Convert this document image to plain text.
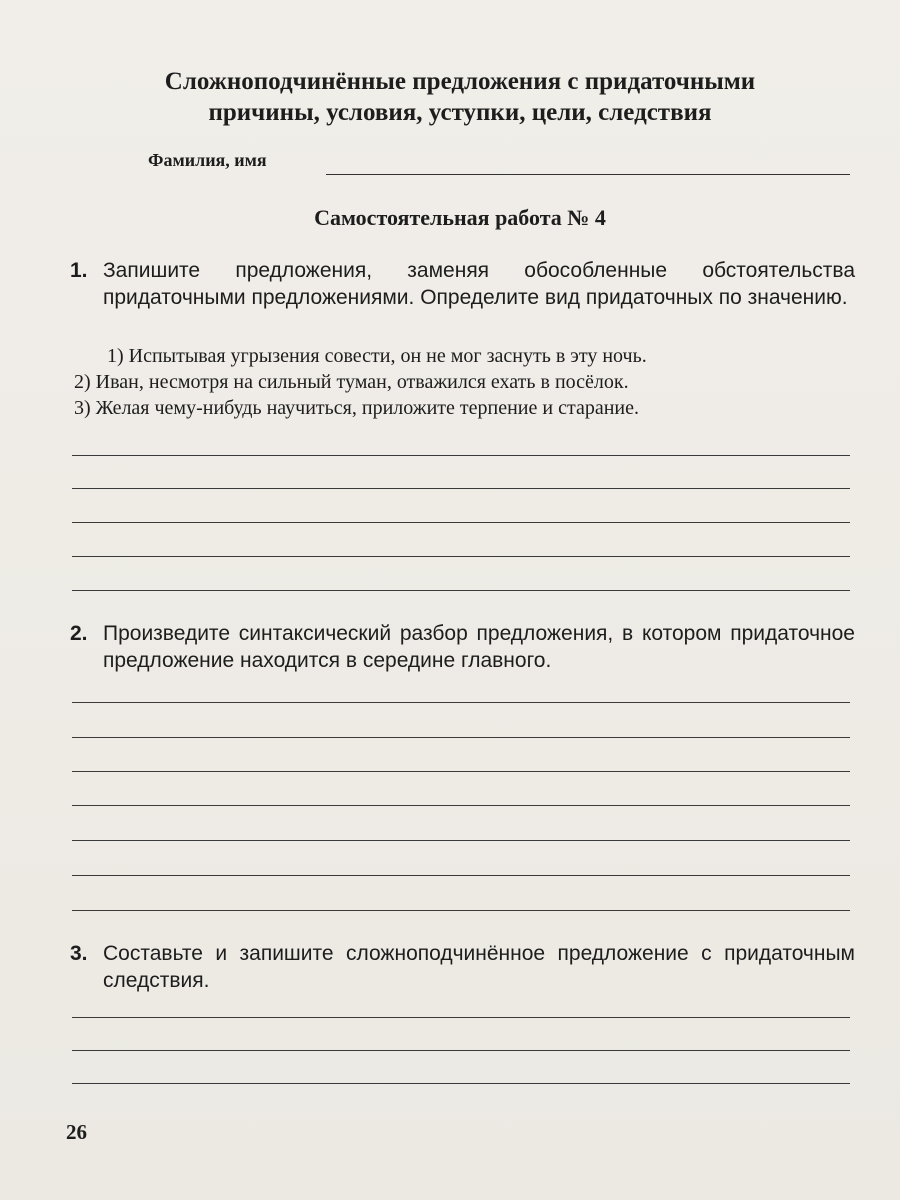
Сложноподчинённые предложения с придаточными
причины, условия, уступки, цели, следствия
Фамилия, имя
Самостоятельная работа № 4
1. Запишите предложения, заменяя обособленные обстоятельства придаточными предложениями. Определите вид придаточных по значению.
1) Испытывая угрызения совести, он не мог заснуть в эту ночь.
2) Иван, несмотря на сильный туман, отважился ехать в посёлок.
3) Желая чему-нибудь научиться, приложите терпение и старание.
2. Произведите синтаксический разбор предложения, в котором придаточное предложение находится в середине главного.
3. Составьте и запишите сложноподчинённое предложение с придаточным следствия.
26
